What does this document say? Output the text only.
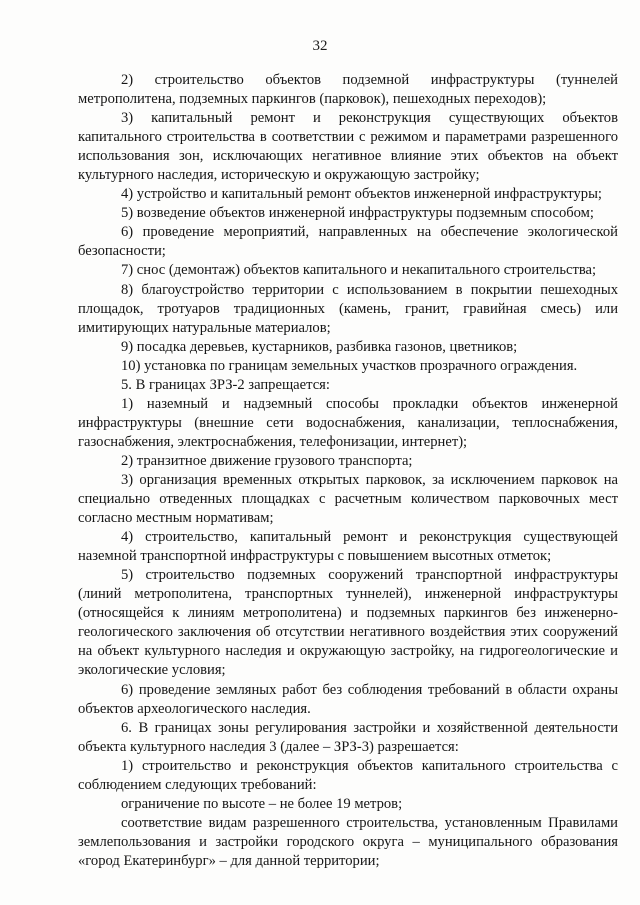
32

2) строительство объектов подземной инфраструктуры (туннелей метрополитена, подземных паркингов (парковок), пешеходных переходов);

3) капитальный ремонт и реконструкция существующих объектов капитального строительства в соответствии с режимом и параметрами разрешенного использования зон, исключающих негативное влияние этих объектов на объект культурного наследия, историческую и окружающую застройку;

4) устройство и капитальный ремонт объектов инженерной инфраструктуры;

5) возведение объектов инженерной инфраструктуры подземным способом;

6) проведение мероприятий, направленных на обеспечение экологической безопасности;

7) снос (демонтаж) объектов капитального и некапитального строительства;

8) благоустройство территории с использованием в покрытии пешеходных площадок, тротуаров традиционных (камень, гранит, гравийная смесь) или имитирующих натуральные материалов;

9) посадка деревьев, кустарников, разбивка газонов, цветников;

10) установка по границам земельных участков прозрачного ограждения.

5. В границах ЗРЗ-2 запрещается:

1) наземный и надземный способы прокладки объектов инженерной инфраструктуры (внешние сети водоснабжения, канализации, теплоснабжения, газоснабжения, электроснабжения, телефонизации, интернет);

2) транзитное движение грузового транспорта;

3) организация временных открытых парковок, за исключением парковок на специально отведенных площадках с расчетным количеством парковочных мест согласно местным нормативам;

4) строительство, капитальный ремонт и реконструкция существующей наземной транспортной инфраструктуры с повышением высотных отметок;

5) строительство подземных сооружений транспортной инфраструктуры (линий метрополитена, транспортных туннелей), инженерной инфраструктуры (относящейся к линиям метрополитена) и подземных паркингов без инженерно-геологического заключения об отсутствии негативного воздействия этих сооружений на объект культурного наследия и окружающую застройку, на гидрогеологические и экологические условия;

6) проведение земляных работ без соблюдения требований в области охраны объектов археологического наследия.

6. В границах зоны регулирования застройки и хозяйственной деятельности объекта культурного наследия 3 (далее – ЗРЗ-3) разрешается:

1) строительство и реконструкция объектов капитального строительства с соблюдением следующих требований:

ограничение по высоте – не более 19 метров;

соответствие видам разрешенного строительства, установленным Правилами землепользования и застройки городского округа – муниципального образования «город Екатеринбург» – для данной территории;
